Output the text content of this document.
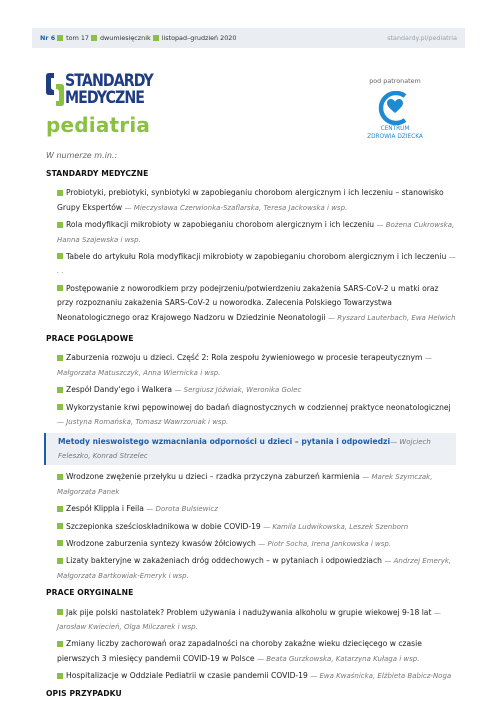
Nr 6 tom 17 dwumiesięcznik listopad–grudzień 2020	standardy.pl/pediatria
STANDARDY
MEDYCZNE
pediatria
pod patronatem
CENTRUM
ZDROWIA DZIECKA
W numerze m.in.:
STANDARDY MEDYCZNE
Probiotyki, prebiotyki, synbiotyki w zapobieganiu chorobom alergicznym i ich leczeniu – stanowisko Grupy Ekspertów — Mieczysława Czerwionka-Szaflarska, Teresa Jackowska i wsp.
Rola modyfikacji mikrobioty w zapobieganiu chorobom alergicznym i ich leczeniu — Bożena Cukrowska, Hanna Szajewska i wsp.
Tabele do artykułu Rola modyfikacji mikrobioty w zapobieganiu chorobom alergicznym i ich leczeniu — . .
Postępowanie z noworodkiem przy podejrzeniu/potwierdzeniu zakażenia SARS-CoV-2 u matki oraz przy rozpoznaniu zakażenia SARS-CoV-2 u noworodka. Zalecenia Polskiego Towarzystwa Neonatologicznego oraz Krajowego Nadzoru w Dziedzinie Neonatologii — Ryszard Lauterbach, Ewa Helwich
PRACE POGLĄDOWE
Zaburzenia rozwoju u dzieci. Część 2: Rola zespołu żywieniowego w procesie terapeutycznym — Małgorzata Matuszczyk, Anna Wiernicka i wsp.
Zespół Dandy'ego i Walkera — Sergiusz Jóźwiak, Weronika Golec
Wykorzystanie krwi pępowinowej do badań diagnostycznych w codziennej praktyce neonatologicznej — Justyna Romańska, Tomasz Wawrzoniak i wsp.
Metody nieswoistego wzmacniania odporności u dzieci – pytania i odpowiedzi— Wojciech Feleszko, Konrad Strzelec
Wrodzone zwężenie przełyku u dzieci – rzadka przyczyna zaburzeń karmienia — Marek Szymczak, Małgorzata Panek
Zespół Klippla i Feila — Dorota Bulsiewicz
Szczepionka sześcioskładnikowa w dobie COVID-19 — Kamila Ludwikowska, Leszek Szenborn
Wrodzone zaburzenia syntezy kwasów żółciowych — Piotr Socha, Irena Jankowska i wsp.
Lizaty bakteryjne w zakażeniach dróg oddechowych – w pytaniach i odpowiedziach — Andrzej Emeryk, Małgorzata Bartkowiak-Emeryk i wsp.
PRACE ORYGINALNE
Jak pije polski nastolatek? Problem używania i nadużywania alkoholu w grupie wiekowej 9-18 lat — Jarosław Kwiecień, Olga Milczarek i wsp.
Zmiany liczby zachorowań oraz zapadalności na choroby zakaźne wieku dziecięcego w czasie pierwszych 3 miesięcy pandemii COVID-19 w Polsce — Beata Gurzkowska, Katarzyna Kułaga i wsp.
Hospitalizacje w Oddziale Pediatrii w czasie pandemii COVID-19 — Ewa Kwaśnicka, Elżbieta Babicz-Noga
OPIS PRZYPADKU
